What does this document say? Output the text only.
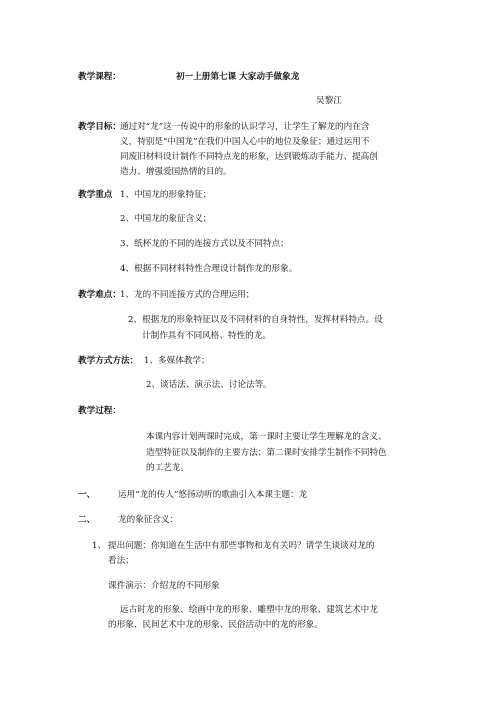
教学课程：	初一上册第七课 大家动手做象龙
吴黎江
教学目标： 通过对“龙”这一传说中的形象的认识学习，让学生了解龙的内在含
义，特别是“中国龙”在我们中国人心中的地位及象征；通过运用不
同废旧材料设计制作不同特点龙的形象，达到锻炼动手能力、提高创
造力、增强爱国热情的目的。
教学重点 1、中国龙的形象特征；
2、中国龙的象征含义；
3、纸杯龙的不同的连接方式以及不同特点；
4、根据不同材料特性合理设计制作龙的形象。
教学难点： 1、龙的不同连接方式的合理运用；
2、根据龙的形象特征以及不同材料的自身特性，发挥材料特点。设
计制作具有不同风格、特性的龙。
教学方式方法： 1、多媒体教学；
2、谈话法、演示法、讨论法等。
教学过程：
本课内容计划两课时完成，第一课时主要让学生理解龙的含义、
造型特征以及制作的主要方法；第二课时安排学生制作不同特色
的工艺龙。
一、	运用“龙的传人”悠扬动听的歌曲引入本课主题：龙
二、	龙的象征含义：
1、 提出问题：你知道在生活中有那些事物和龙有关吗？请学生谈谈对龙的
看法；
课件演示：介绍龙的不同形象
远古时龙的形象、绘画中龙的形象、雕塑中龙的形象、建筑艺术中龙
的形象、民间艺术中龙的形象、民俗活动中的龙的形象。
